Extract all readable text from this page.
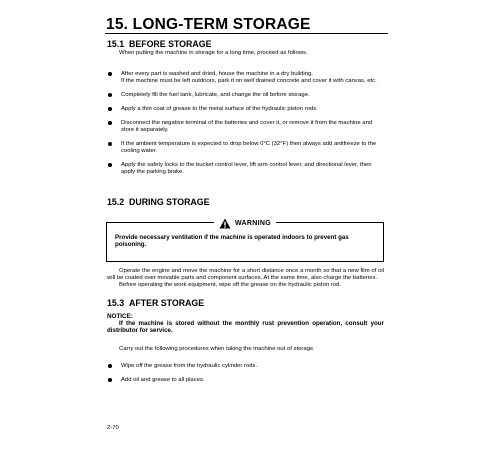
15. LONG-TERM STORAGE
15.1 BEFORE STORAGE
When putting the machine in storage for a long time, proceed as follows.
After every part is washed and dried, house the machine in a dry building.
If the machine must be left outdoors, park it on well drained concrete and cover it with canvas, etc.
Completely fill the fuel tank, lubricate, and change the oil before storage.
Apply a thin coat of grease to the metal surface of the hydraulic piston rods.
Disconnect the negative terminal of the batteries and cover it, or remove it from the machine and store it separately.
If the ambient temperature is expected to drop below 0°C (32°F) then always add antifreeze to the cooling water.
Apply the safety locks to the bucket control lever, lift arm control lever, and directional lever, then apply the parking brake.
15.2 DURING STORAGE
WARNING
Provide necessary ventilation if the machine is operated indoors to prevent gas poisoning.
Operate the engine and move the machine for a short distance once a month so that a new film of oil will be coated over movable parts and component surfaces. At the same time, also charge the batteries.
Before operating the work equipment, wipe off the grease on the hydraulic piston rod.
15.3 AFTER STORAGE
NOTICE:
If the machine is stored without the monthly rust prevention operation, consult your distributor for service.
Carry out the following procedures when taking the machine out of storage.
Wipe off the grease from the hydraulic cylinder rods.
Add oil and grease to all places.
2-70
